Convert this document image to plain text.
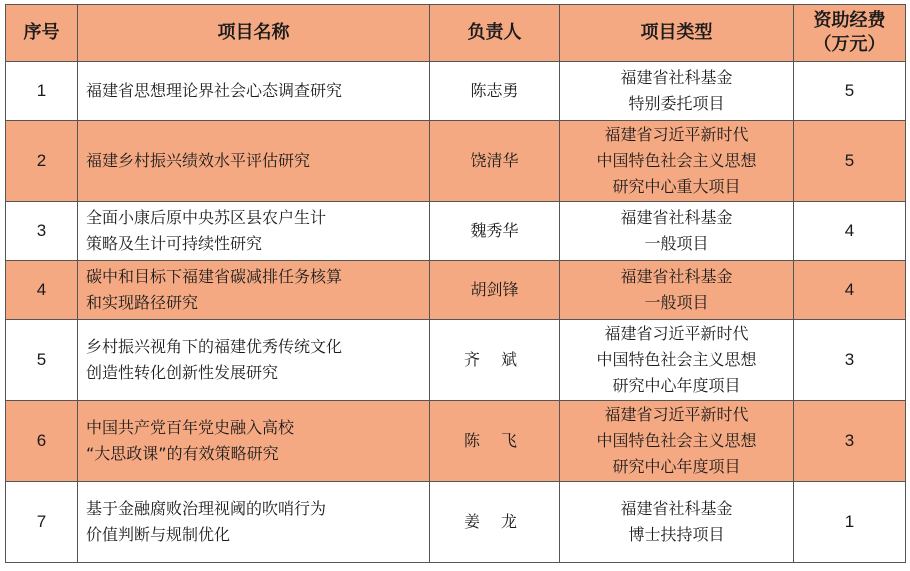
序号	项目名称	负责人	项目类型	资助经费
（万元）

1	福建省思想理论界社会心态调查研究	陈志勇	福建省社科基金
特别委托项目	5
2	福建乡村振兴绩效水平评估研究	饶清华	福建省习近平新时代
中国特色社会主义思想
研究中心重大项目	5
3	全面小康后原中央苏区县农户生计
策略及生计可持续性研究	魏秀华	福建省社科基金
一般项目	4
4	碳中和目标下福建省碳减排任务核算
和实现路径研究	胡剑锋	福建省社科基金
一般项目	4
5	乡村振兴视角下的福建优秀传统文化
创造性转化创新性发展研究	齐 斌	福建省习近平新时代
中国特色社会主义思想
研究中心年度项目	3
6	中国共产党百年党史融入高校
“大思政课”的有效策略研究	陈 飞	福建省习近平新时代
中国特色社会主义思想
研究中心年度项目	3
7	基于金融腐败治理视阈的吹哨行为
价值判断与规制优化	姜 龙	福建省社科基金
博士扶持项目	1
